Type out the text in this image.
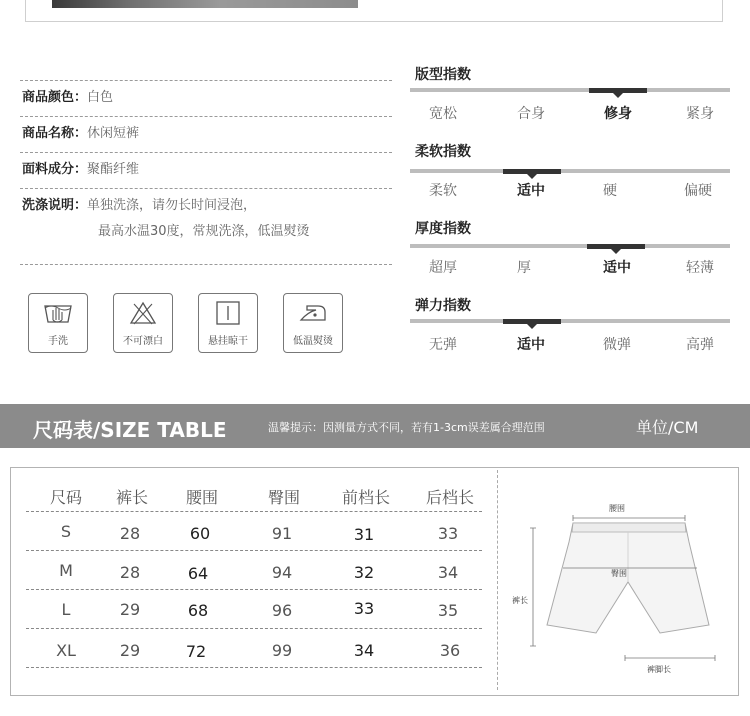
商品颜色：白色
商品名称：休闲短裤
面料成分：聚酯纤维
洗涤说明：单独洗涤，请勿长时间浸泡，
最高水温30度，常规洗涤，低温熨烫
手洗	不可漂白	悬挂晾干	低温熨烫
版型指数
宽松	合身	修身	紧身
柔软指数
柔软	适中	硬	偏硬
厚度指数
超厚	厚	适中	轻薄
弹力指数
无弹	适中	微弹	高弹
尺码表/SIZE TABLE	温馨提示：因测量方式不同，若有1-3cm误差属合理范围	单位/CM
尺码	裤长	腰围	臀围	前档长	后档长
S	28	60	91	31	33
M	28	64	94	32	34
L	29	68	96	33	35
XL	29	72	99	34	36
腰围
臀围
裤长
裤脚长
